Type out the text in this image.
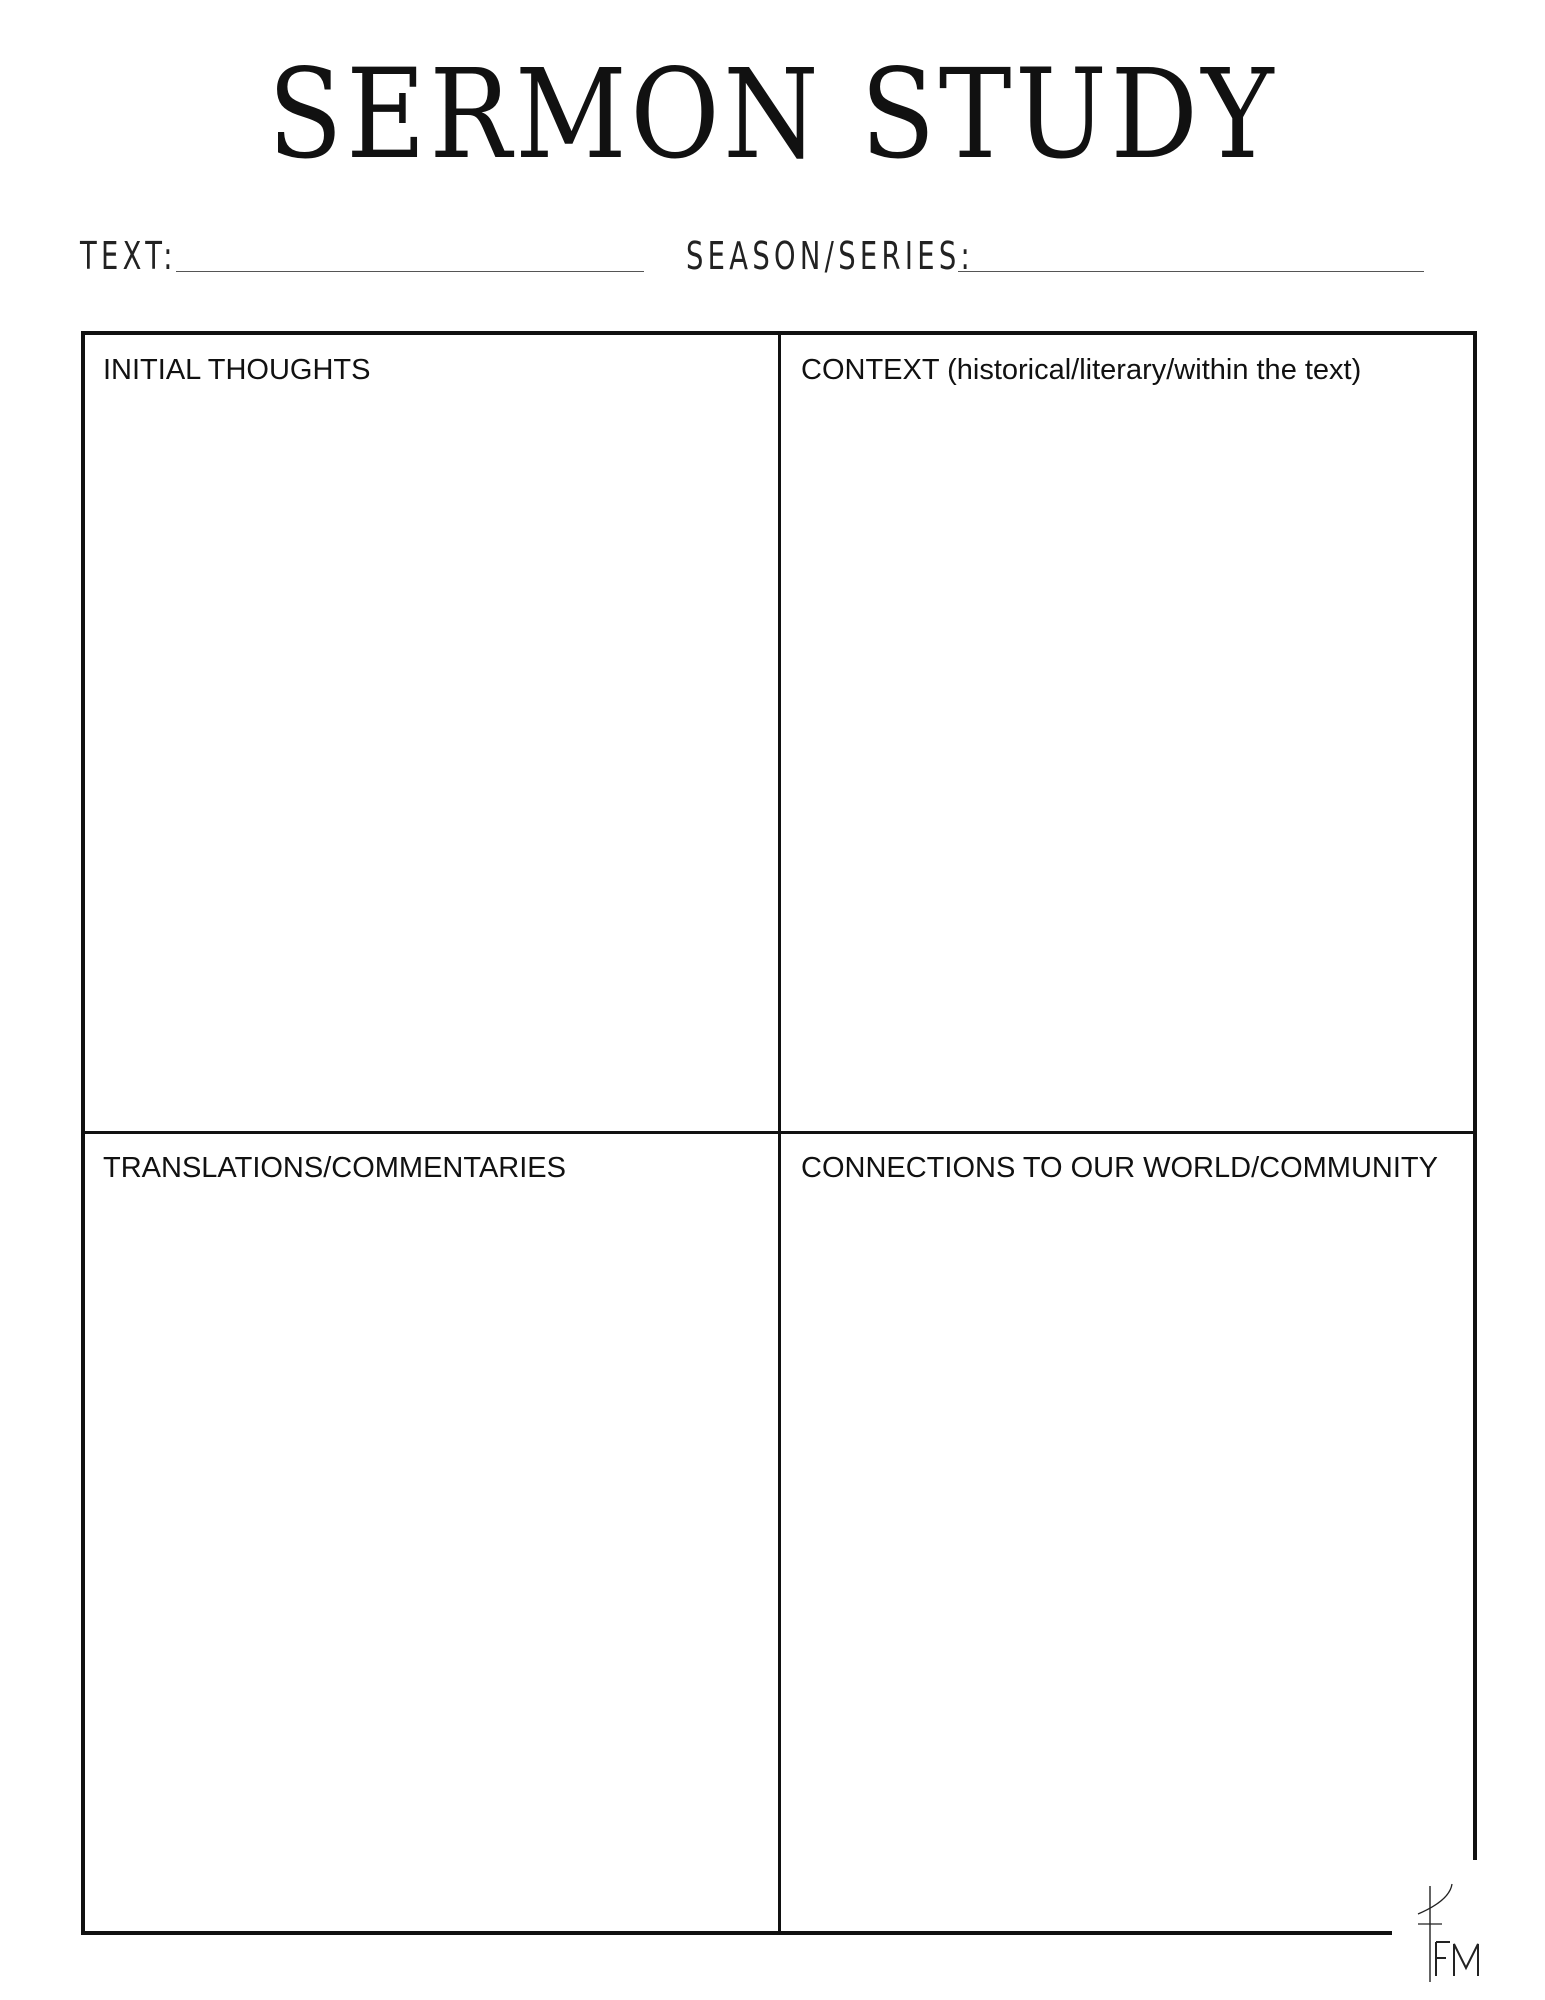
SERMON STUDY
TEXT:	SEASON/SERIES:
INITIAL THOUGHTS	CONTEXT (historical/literary/within the text)
TRANSLATIONS/COMMENTARIES	CONNECTIONS TO OUR WORLD/COMMUNITY
